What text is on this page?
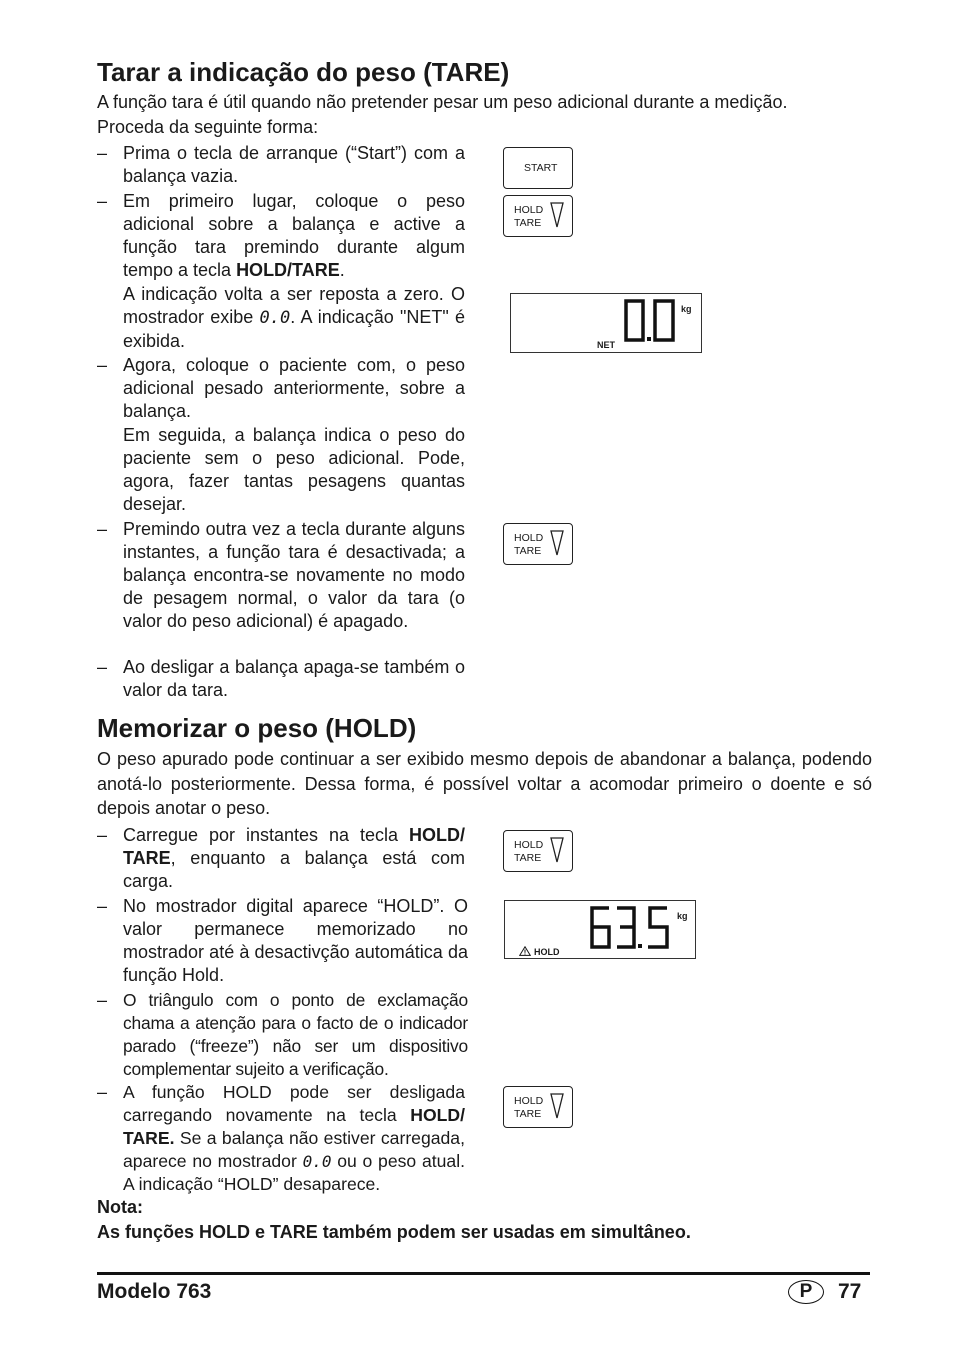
Tarar a indicação do peso (TARE)
A função tara é útil quando não pretender pesar um peso adicional durante a medição.
Proceda da seguinte forma:
– Prima o tecla de arranque (“Start”) com a balança vazia.
– Em primeiro lugar, coloque o peso adicional sobre a balança e active a função tara premindo durante algum tempo a tecla HOLD/TARE.
A indicação volta a ser reposta a zero. O mostrador exibe 0.0. A indicação "NET" é exibida.
– Agora, coloque o paciente com, o peso adicional pesado anteriormente, sobre a balança.
Em seguida, a balança indica o peso do paciente sem o peso adicional. Pode, agora, fazer tantas pesagens quantas desejar.
– Premindo outra vez a tecla durante alguns instantes, a função tara é desactivada; a balança encontra-se novamente no modo de pesagem normal, o valor da tara (o valor do peso adicional) é apagado.
– Ao desligar a balança apaga-se também o valor da tara.
START
HOLD
TARE
kg
NET
HOLD
TARE
Memorizar o peso (HOLD)
O peso apurado pode continuar a ser exibido mesmo depois de abandonar a balança, podendo anotá-lo posteriormente. Dessa forma, é possível voltar a acomodar primeiro o doente e só depois anotar o peso.
– Carregue por instantes na tecla HOLD/ TARE, enquanto a balança está com carga.
– No mostrador digital aparece “HOLD”. O valor permanece memorizado no mostrador até à desactivção automática da função Hold.
– O triângulo com o ponto de exclamação chama a atenção para o facto de o indicador parado (“freeze”) não ser um dispositivo complementar sujeito a verificação.
– A função HOLD pode ser desligada carregando novamente na tecla HOLD/ TARE. Se a balança não estiver carregada, aparece no mostrador 0.0 ou o peso atual. A indicação “HOLD” desaparece.
Nota:
As funções HOLD e TARE também podem ser usadas em simultâneo.
HOLD
TARE
kg
HOLD
HOLD
TARE
Modelo 763	P 77
